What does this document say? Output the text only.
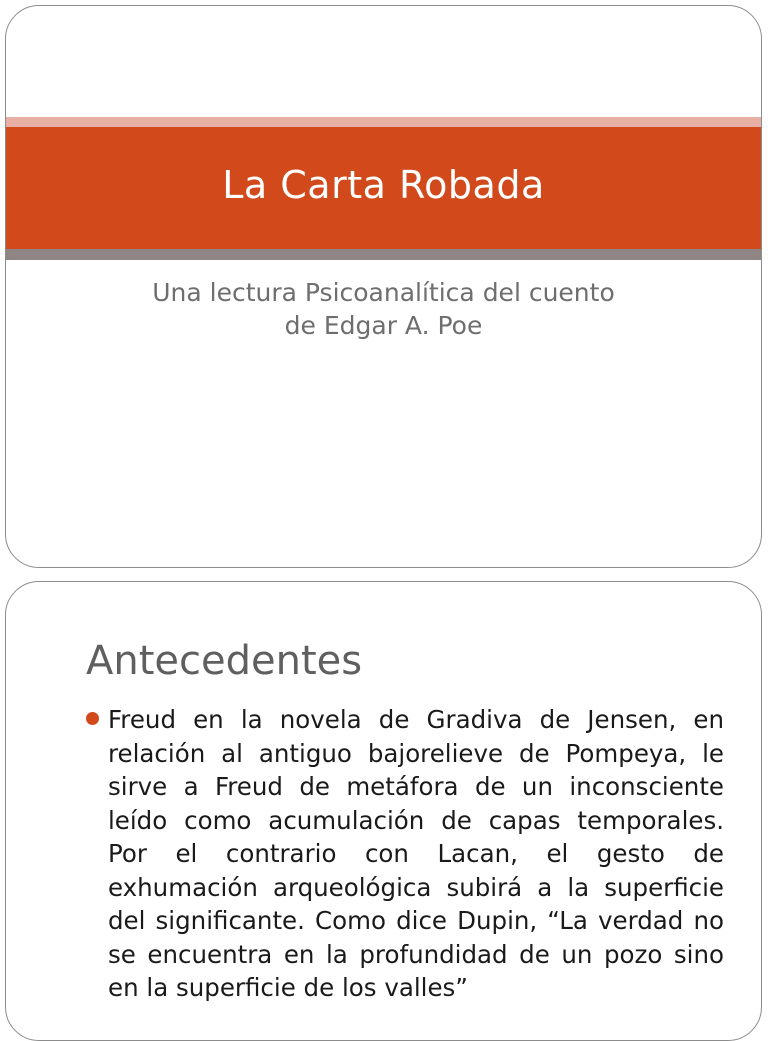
La Carta Robada
Una lectura Psicoanalítica del cuento
de Edgar A. Poe
Antecedentes
Freud en la novela de Gradiva de Jensen, en relación al antiguo bajorelieve de Pompeya, le sirve a Freud de metáfora de un inconsciente leído como acumulación de capas temporales. Por el contrario con Lacan, el gesto de exhumación arqueológica subirá a la superficie del significante. Como dice Dupin, “La verdad no se encuentra en la profundidad de un pozo sino en la superficie de los valles”
